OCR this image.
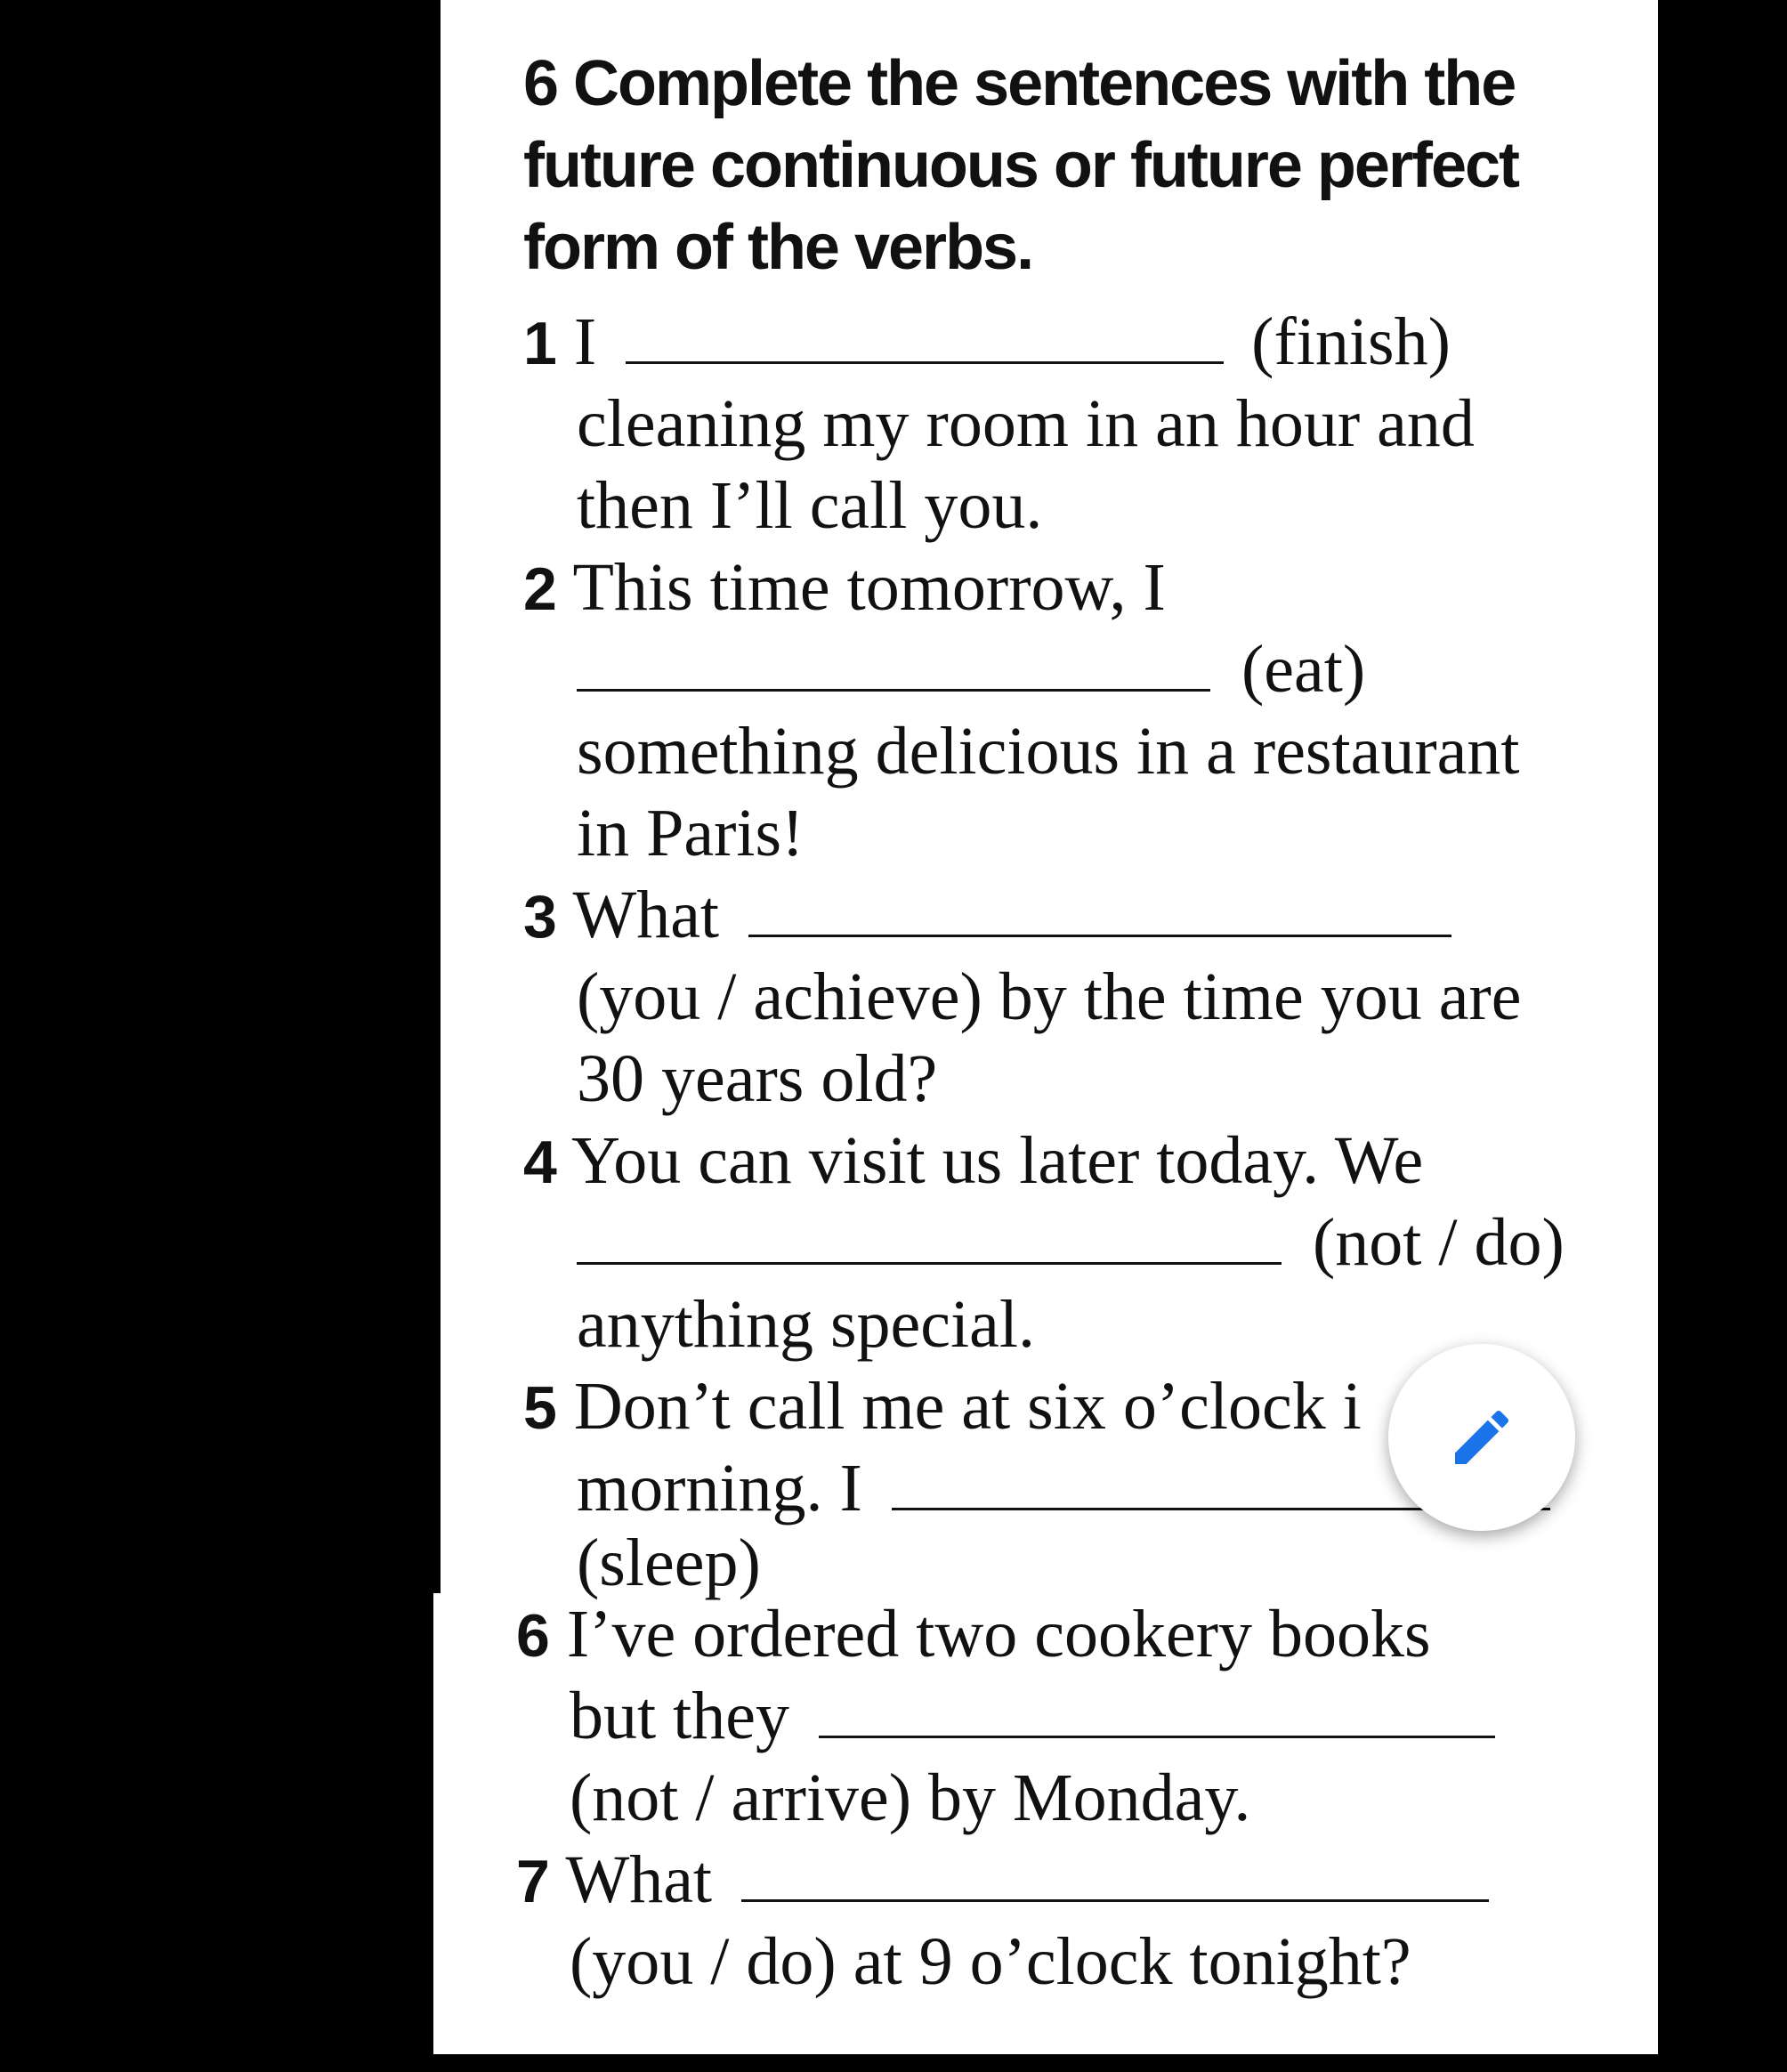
6 Complete the sentences with the
future continuous or future perfect
form of the verbs.
1 I	(finish)
cleaning my room in an hour and
then I’ll call you.
2 This time tomorrow, I
(eat)
something delicious in a restaurant
in Paris!
3 What
(you / achieve) by the time you are
30 years old?
4 You can visit us later today. We
(not / do)
anything special.
5 Don’t call me at six o’clock i
morning. I
(sleep)
6 I’ve ordered two cookery books
but they
(not / arrive) by Monday.
7 What
(you / do) at 9 o’clock tonight?
